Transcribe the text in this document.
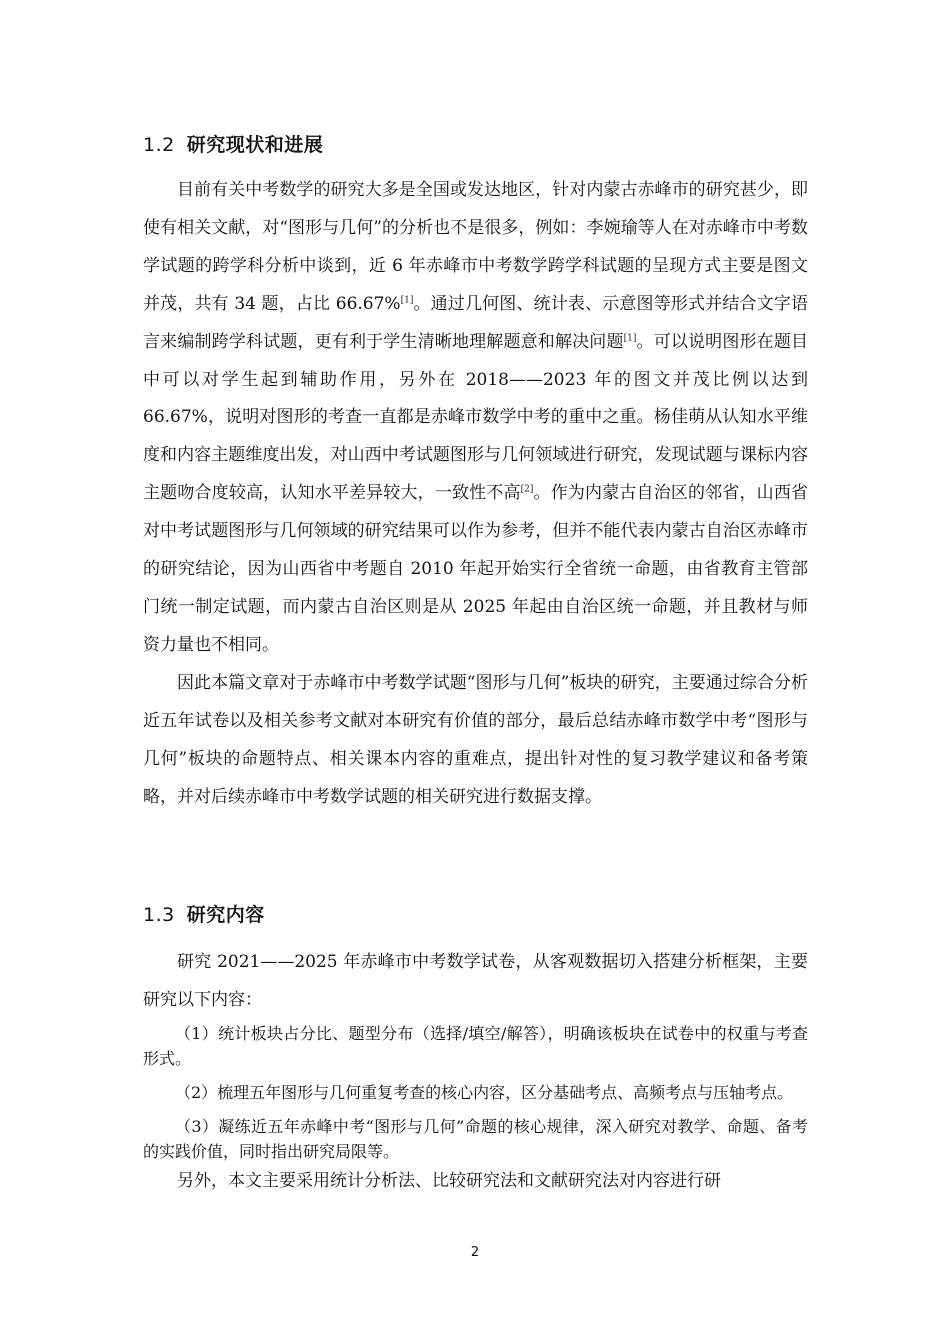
1.2 研究现状和进展

目前有关中考数学的研究大多是全国或发达地区，针对内蒙古赤峰市的研究甚少，即使有相关文献，对“图形与几何”的分析也不是很多，例如：李婉瑜等人在对赤峰市中考数学试题的跨学科分析中谈到，近 6 年赤峰市中考数学跨学科试题的呈现方式主要是图文并茂，共有 34 题，占比 66.67%[1]。通过几何图、统计表、示意图等形式并结合文字语言来编制跨学科试题，更有利于学生清晰地理解题意和解决问题[1]。可以说明图形在题目中可以对学生起到辅助作用，另外在 2018——2023 年的图文并茂比例以达到 66.67%，说明对图形的考查一直都是赤峰市数学中考的重中之重。杨佳萌从认知水平维度和内容主题维度出发，对山西中考试题图形与几何领域进行研究，发现试题与课标内容主题吻合度较高，认知水平差异较大，一致性不高[2]。作为内蒙古自治区的邻省，山西省对中考试题图形与几何领域的研究结果可以作为参考，但并不能代表内蒙古自治区赤峰市的研究结论，因为山西省中考题自 2010 年起开始实行全省统一命题，由省教育主管部门统一制定试题，而内蒙古自治区则是从 2025 年起由自治区统一命题，并且教材与师资力量也不相同。

因此本篇文章对于赤峰市中考数学试题“图形与几何”板块的研究，主要通过综合分析近五年试卷以及相关参考文献对本研究有价值的部分，最后总结赤峰市数学中考“图形与几何”板块的命题特点、相关课本内容的重难点，提出针对性的复习教学建议和备考策略，并对后续赤峰市中考数学试题的相关研究进行数据支撑。

1.3 研究内容

研究 2021——2025 年赤峰市中考数学试卷，从客观数据切入搭建分析框架，主要研究以下内容：

（1）统计板块占分比、题型分布（选择/填空/解答），明确该板块在试卷中的权重与考查形式。

（2）梳理五年图形与几何重复考查的核心内容，区分基础考点、高频考点与压轴考点。

（3）凝练近五年赤峰中考“图形与几何”命题的核心规律，深入研究对教学、命题、备考的实践价值，同时指出研究局限等。

另外，本文主要采用统计分析法、比较研究法和文献研究法对内容进行研

2
